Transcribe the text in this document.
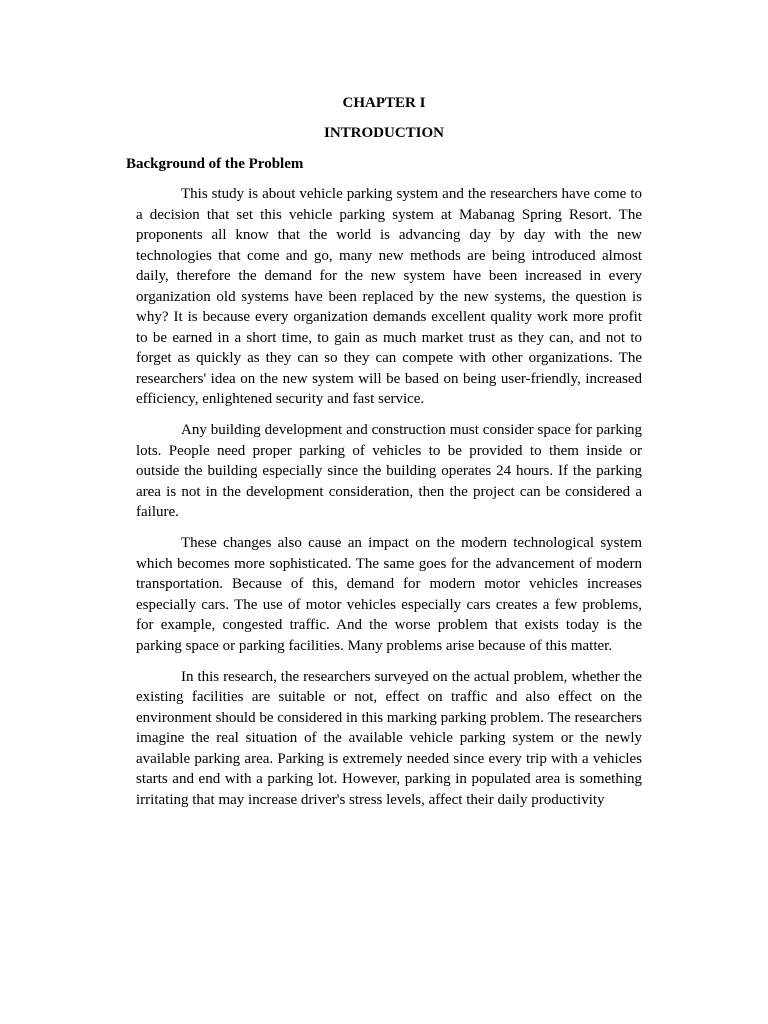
CHAPTER I
INTRODUCTION
Background of the Problem

This study is about vehicle parking system and the researchers have come to a decision that set this vehicle parking system at Mabanag Spring Resort. The proponents all know that the world is advancing day by day with the new technologies that come and go, many new methods are being introduced almost daily, therefore the demand for the new system have been increased in every organization old systems have been replaced by the new systems, the question is why? It is because every organization demands excellent quality work more profit to be earned in a short time, to gain as much market trust as they can, and not to forget as quickly as they can so they can compete with other organizations. The researchers' idea on the new system will be based on being user-friendly, increased efficiency, enlightened security and fast service.

Any building development and construction must consider space for parking lots. People need proper parking of vehicles to be provided to them inside or outside the building especially since the building operates 24 hours. If the parking area is not in the development consideration, then the project can be considered a failure.

These changes also cause an impact on the modern technological system which becomes more sophisticated. The same goes for the advancement of modern transportation. Because of this, demand for modern motor vehicles increases especially cars. The use of motor vehicles especially cars creates a few problems, for example, congested traffic. And the worse problem that exists today is the parking space or parking facilities. Many problems arise because of this matter.

In this research, the researchers surveyed on the actual problem, whether the existing facilities are suitable or not, effect on traffic and also effect on the environment should be considered in this marking parking problem. The researchers imagine the real situation of the available vehicle parking system or the newly available parking area. Parking is extremely needed since every trip with a vehicles starts and end with a parking lot. However, parking in populated area is something irritating that may increase driver's stress levels, affect their daily productivity
